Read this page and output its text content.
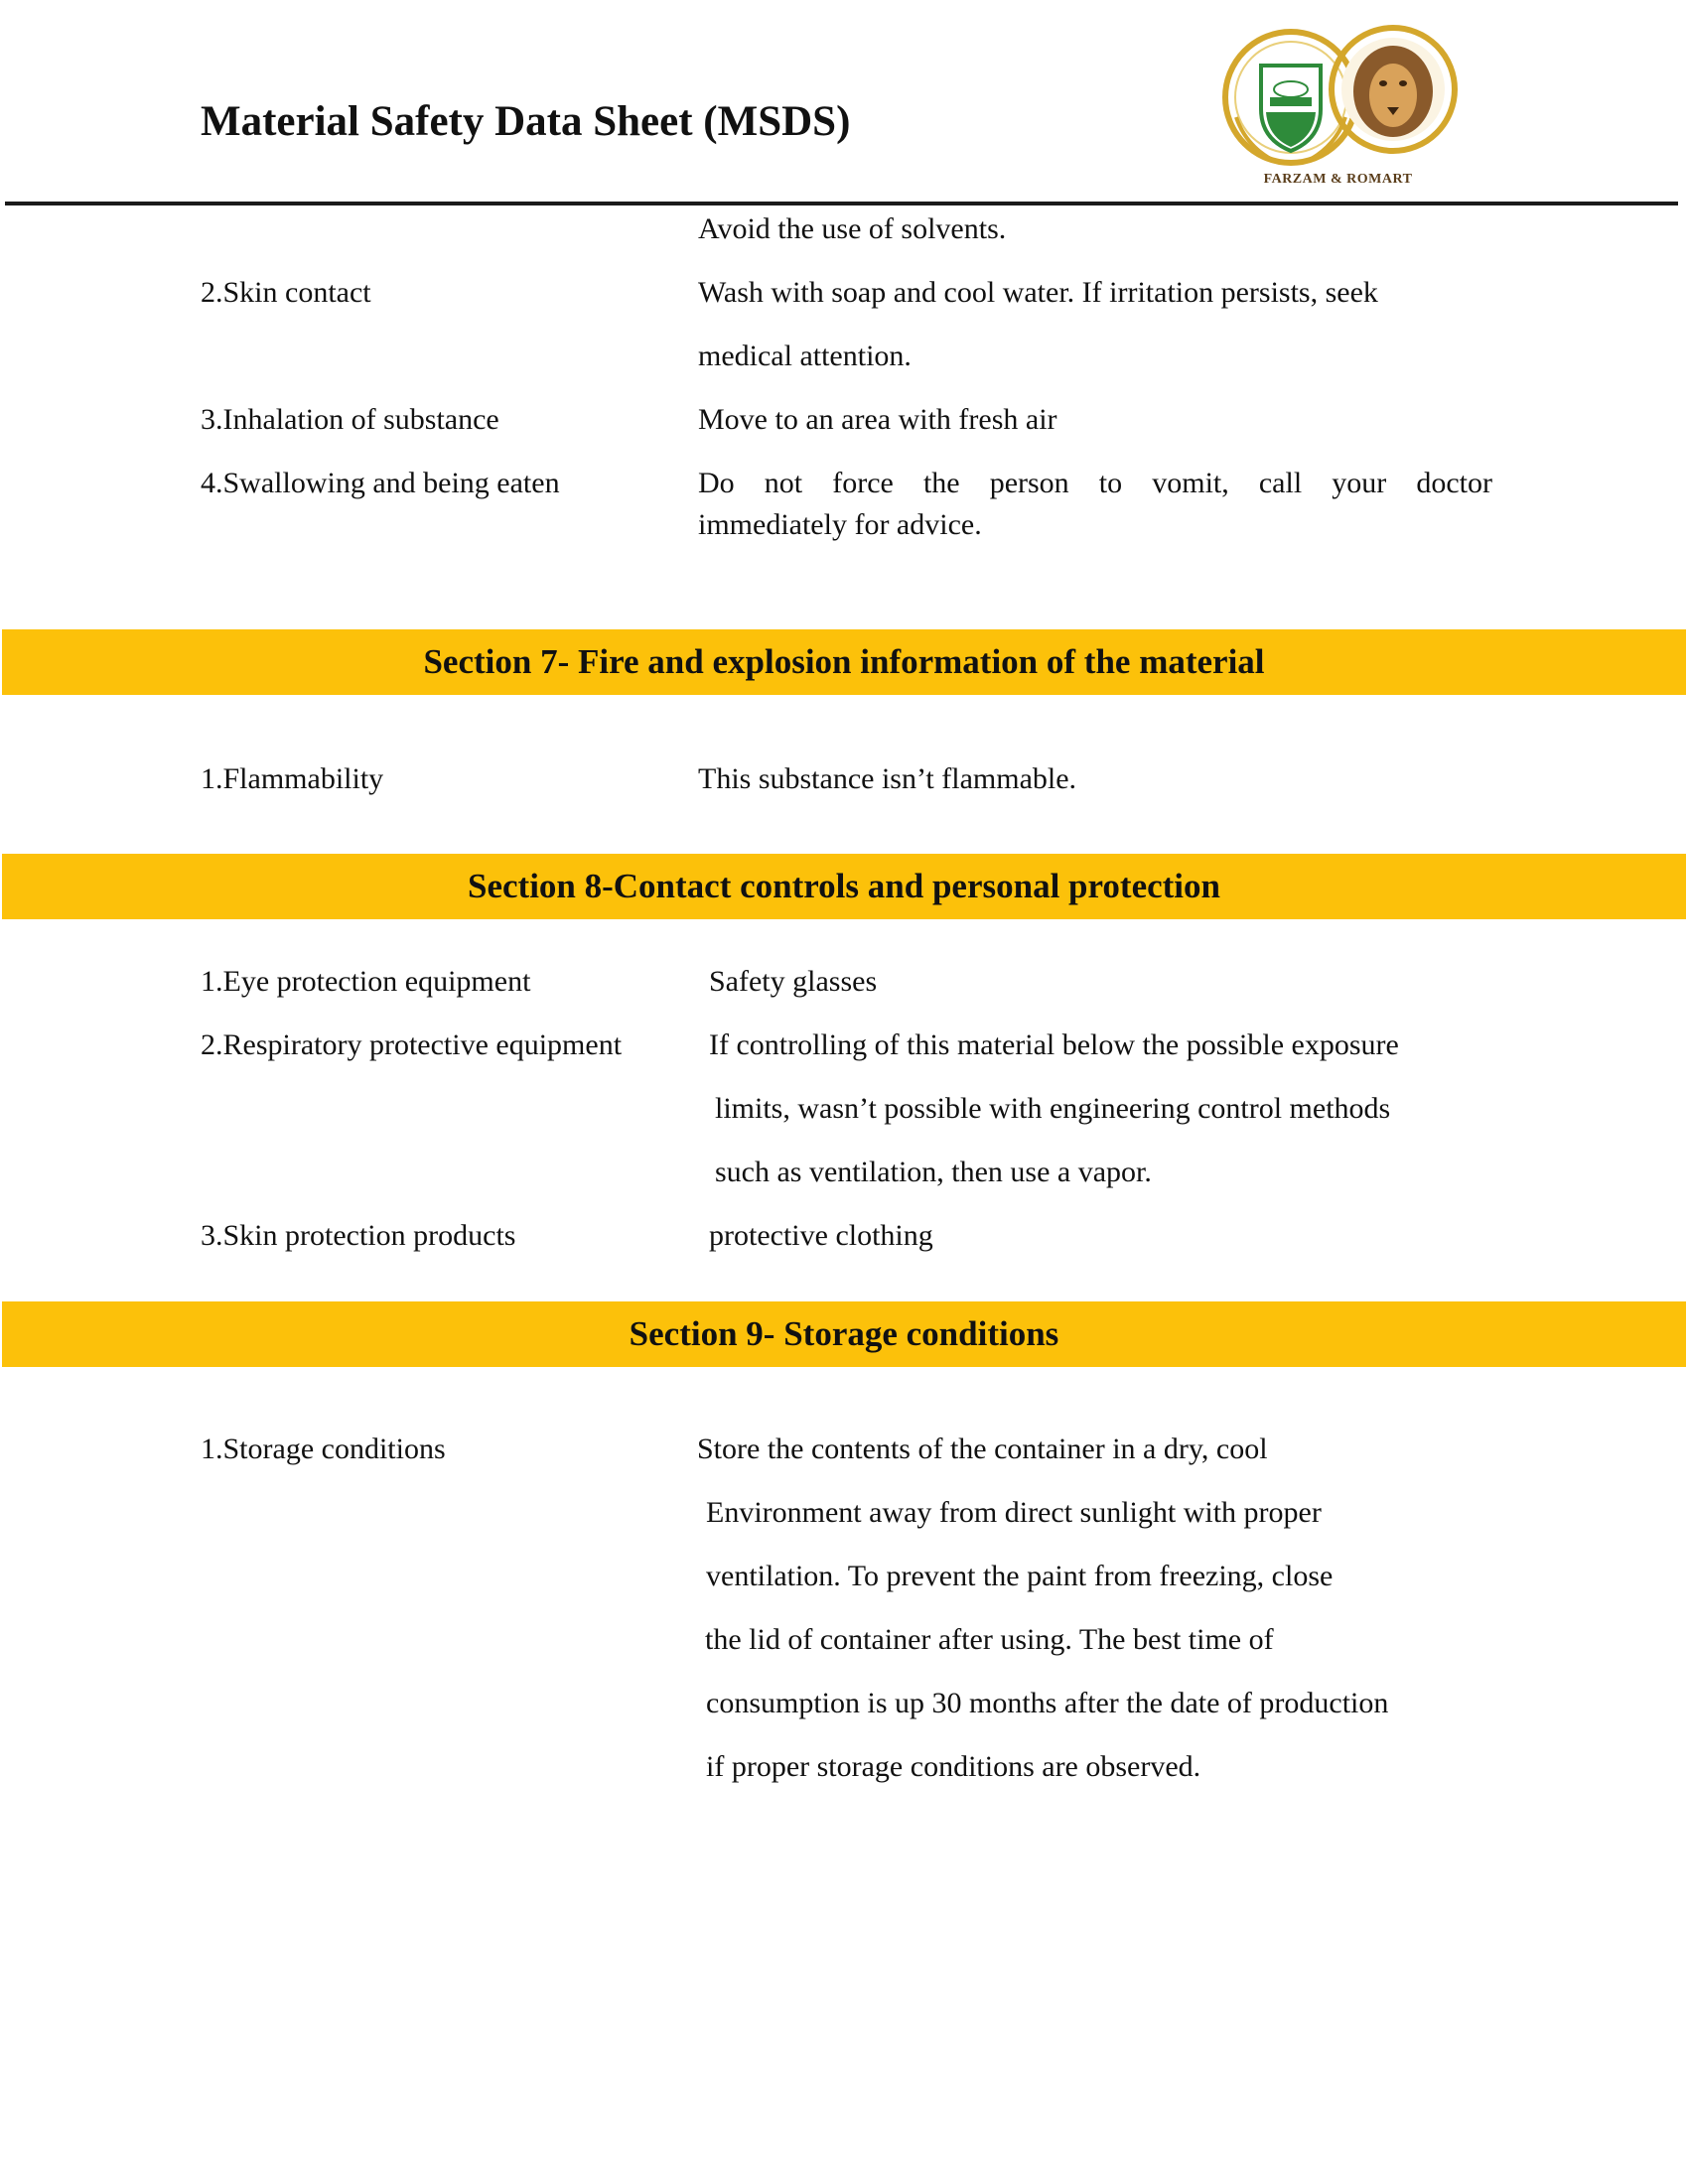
Material Safety Data Sheet (MSDS)
FARZAM & ROMART
Avoid the use of solvents.
2.Skin contact	Wash with soap and cool water. If irritation persists, seek
medical attention.
3.Inhalation of substance	Move to an area with fresh air
4.Swallowing and being eaten	Do not force the person to vomit, call your doctor
immediately for advice.
Section 7- Fire and explosion information of the material
1.Flammability	This substance isn’t flammable.
Section 8-Contact controls and personal protection
1.Eye protection equipment	Safety glasses
2.Respiratory protective equipment	If controlling of this material below the possible exposure
limits, wasn’t possible with engineering control methods
such as ventilation, then use a vapor.
3.Skin protection products	protective clothing
Section 9- Storage conditions
1.Storage conditions	Store the contents of the container in a dry, cool
Environment away from direct sunlight with proper
ventilation. To prevent the paint from freezing, close
the lid of container after using. The best time of
consumption is up 30 months after the date of production
if proper storage conditions are observed.
